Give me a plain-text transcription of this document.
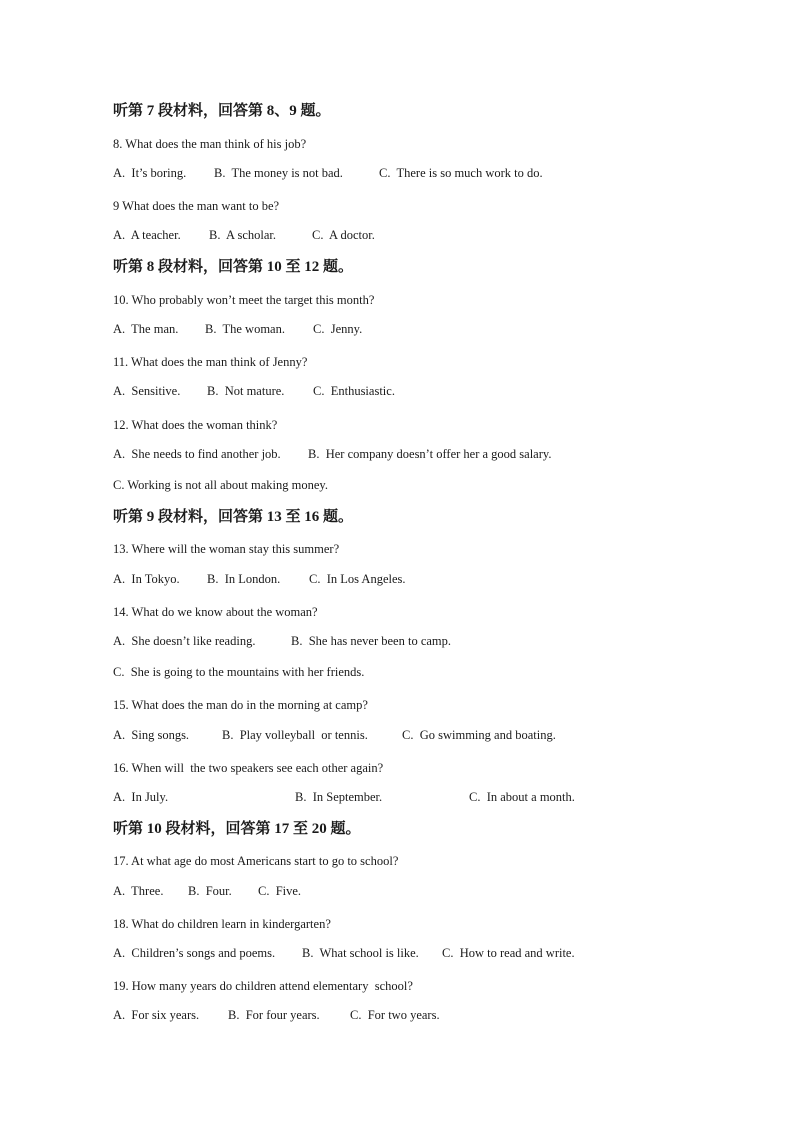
听第 7 段材料，回答第 8、9 题。
8. What does the man think of his job?
A.  It’s boring. B.  The money is not bad.	C.  There is so much work to do.
9 What does the man want to be?
A.  A teacher. B.  A scholar.	C.  A doctor.
听第 8 段材料，回答第 10 至 12 题。
10. Who probably won’t meet the target this month?
A.  The man. B.  The woman. C.  Jenny.
11. What does the man think of Jenny?
A.  Sensitive. B.  Not mature. C.  Enthusiastic.
12. What does the woman think?
A.  She needs to find another job. B.  Her company doesn’t offer her a good salary.
C. Working is not all about making money.
听第 9 段材料，回答第 13 至 16 题。
13. Where will the woman stay this summer?
A.  In Tokyo. B.  In London. C.  In Los Angeles.
14. What do we know about the woman?
A.  She doesn’t like reading.	B.  She has never been to camp.
C.  She is going to the mountains with her friends.
15. What does the man do in the morning at camp?
A.  Sing songs.	B.  Play volleyball  or tennis.	C.  Go swimming and boating.
16. When will  the two speakers see each other again?
A.  In July.	B.  In September.	C.  In about a month.
听第 10 段材料，回答第 17 至 20 题。
17. At what age do most Americans start to go to school?
A.  Three. B.  Four. C.  Five.
18. What do children learn in kindergarten?
A.  Children’s songs and poems. B.  What school is like. C.  How to read and write.
19. How many years do children attend elementary  school?
A.  For six years. B.  For four years. C.  For two years.
